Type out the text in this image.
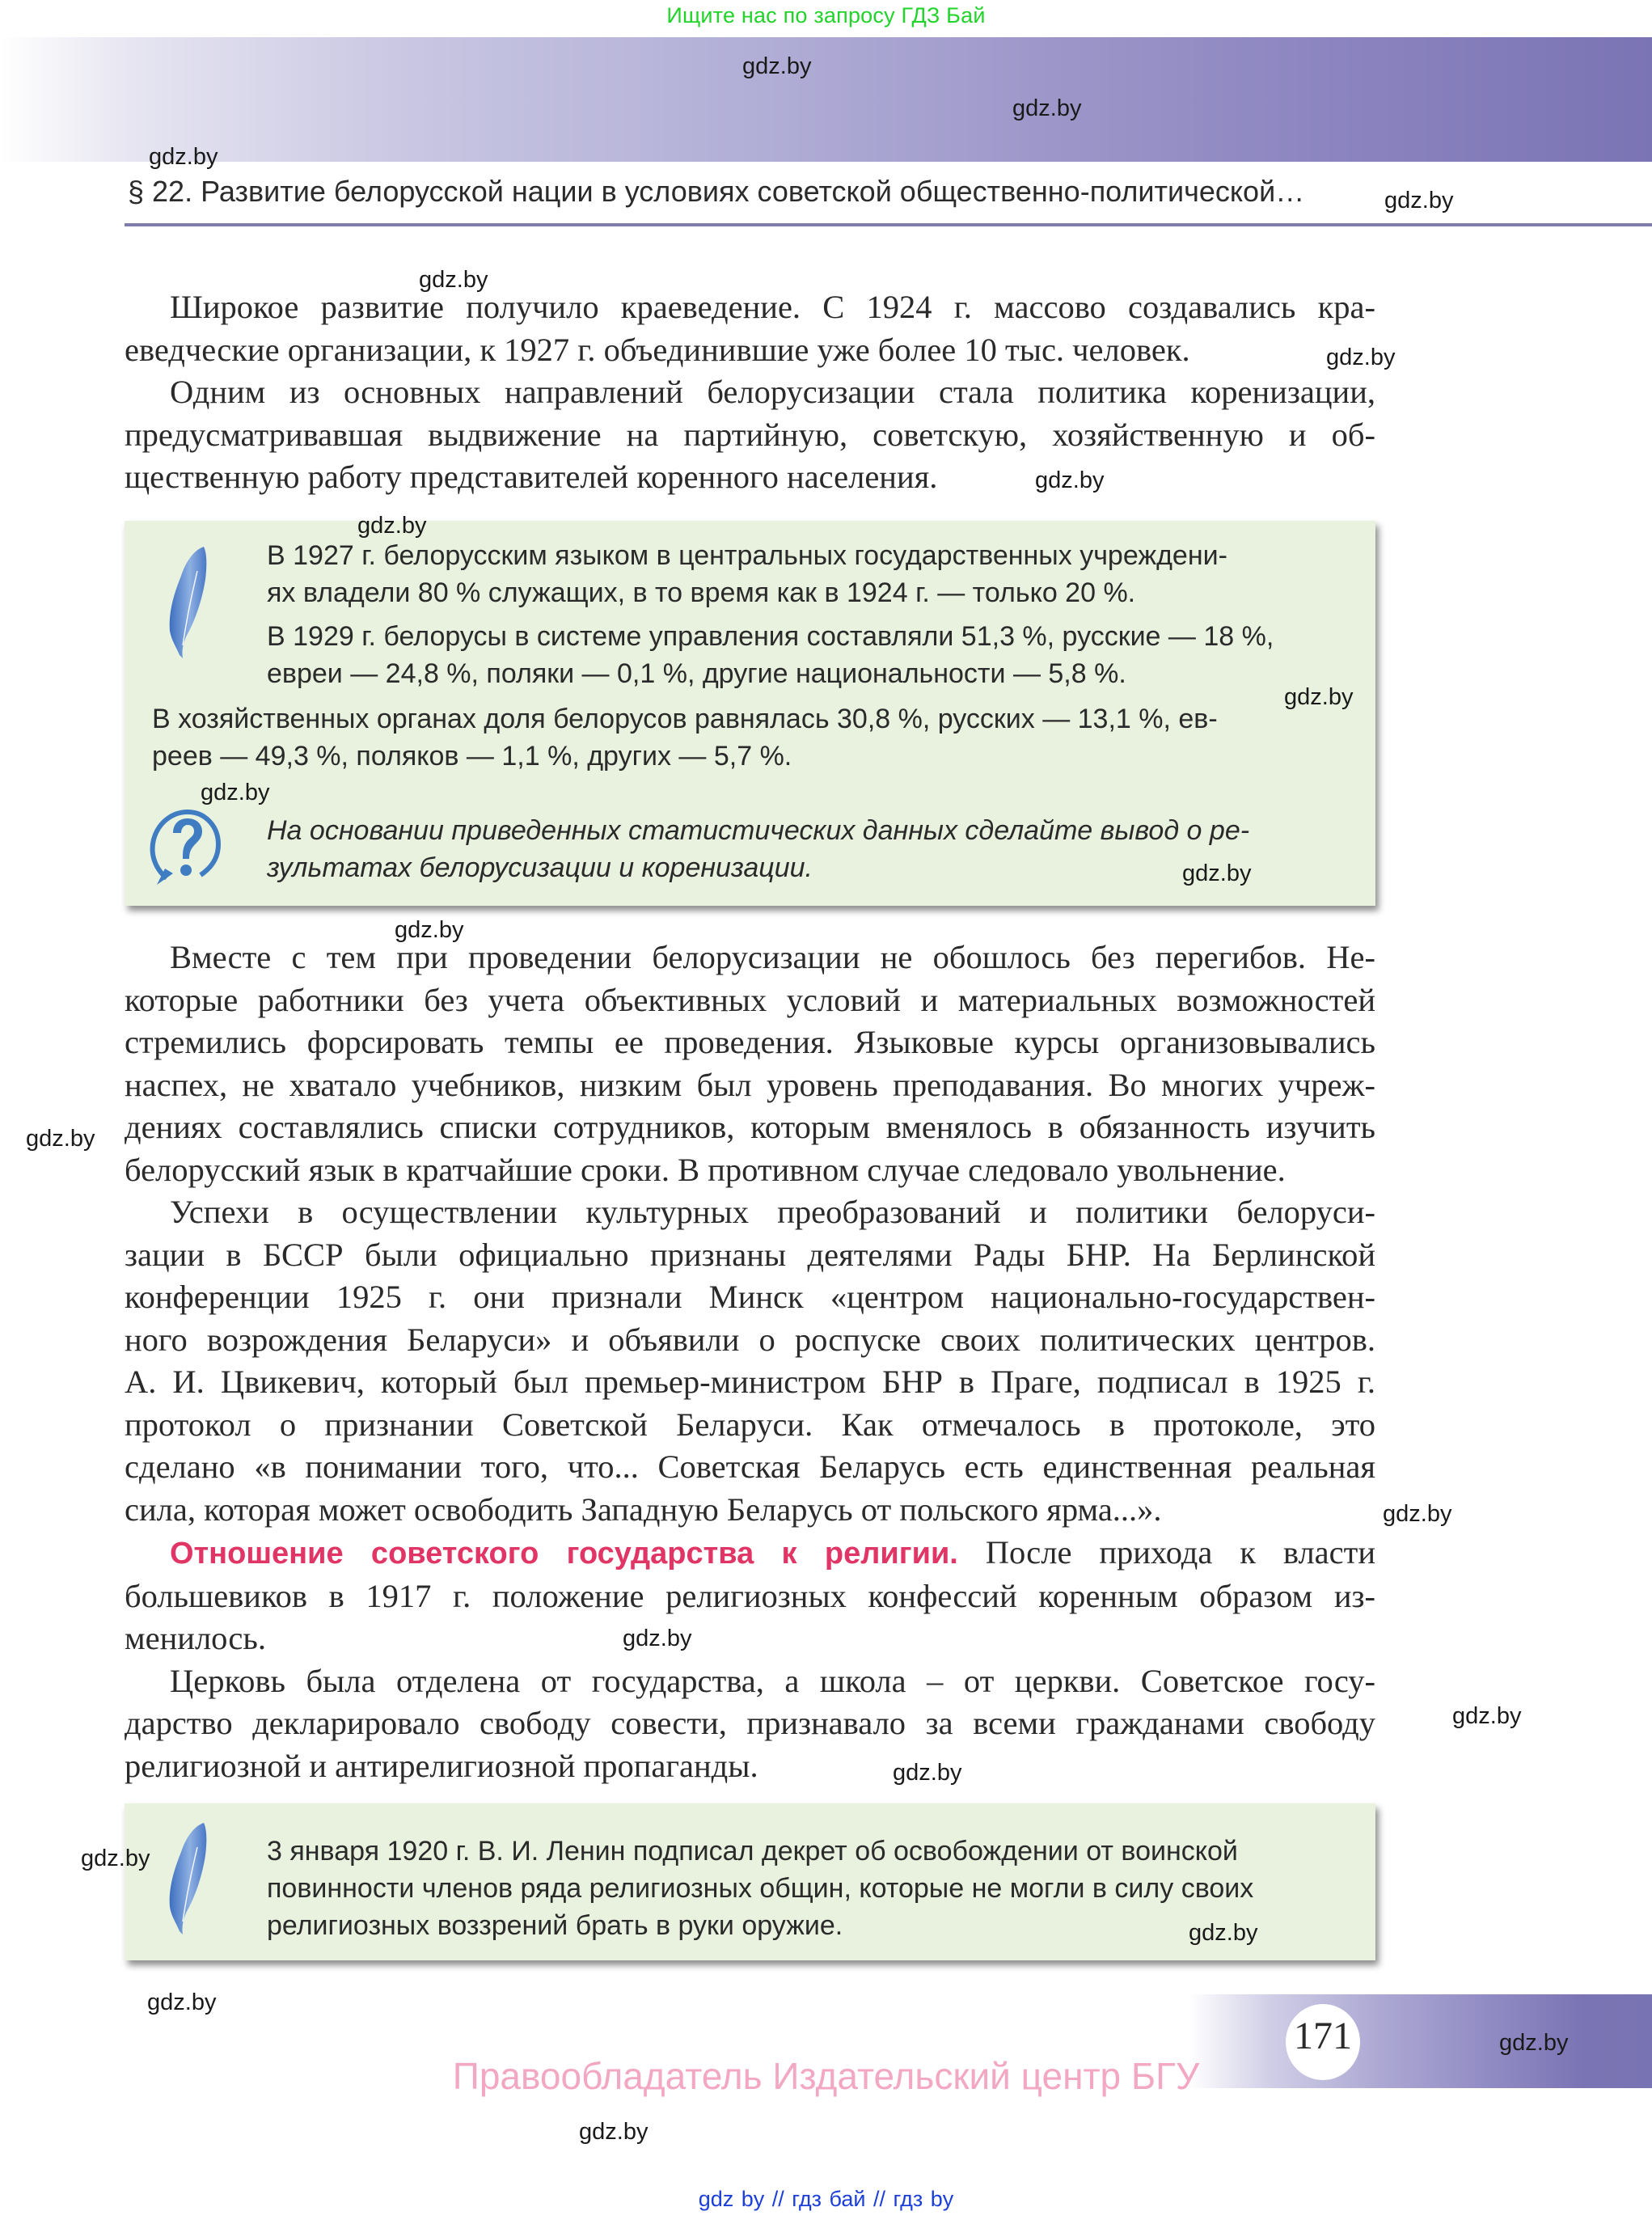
Ищите нас по запросу ГДЗ Бай
gdz.by
gdz.by
gdz.by
§ 22. Развитие белорусской нации в условиях советской общественно-политической…	gdz.by
gdz.by
Широкое развитие получило краеведение. С 1924 г. массово создавались кра-
еведческие организации, к 1927 г. объединившие уже более 10 тыс. человек.
Одним из основных направлений белорусизации стала политика коренизации,
предусматривавшая выдвижение на партийную, советскую, хозяйственную и об-
щественную работу представителей коренного населения.
gdz.by
gdz.by
gdz.by
В 1927 г. белорусским языком в центральных государственных учреждени-
ях владели 80 % служащих, в то время как в 1924 г. — только 20 %.
В 1929 г. белорусы в системе управления составляли 51,3 %, русские — 18 %,
евреи — 24,8 %, поляки — 0,1 %, другие национальности — 5,8 %.
В хозяйственных органах доля белорусов равнялась 30,8 %, русских — 13,1 %, ев-
реев — 49,3 %, поляков — 1,1 %, других — 5,7 %.
На основании приведенных статистических данных сделайте вывод о ре-
зультатах белорусизации и коренизации.
gdz.by
gdz.by
gdz.by
gdz.by
Вместе с тем при проведении белорусизации не обошлось без перегибов. Не-
которые работники без учета объективных условий и материальных возможностей
стремились форсировать темпы ее проведения. Языковые курсы организовывались
наспех, не хватало учебников, низким был уровень преподавания. Во многих учреж-
дениях составлялись списки сотрудников, которым вменялось в обязанность изучить
белорусский язык в кратчайшие сроки. В противном случае следовало увольнение.
Успехи в осуществлении культурных преобразований и политики белоруси-
зации в БССР были официально признаны деятелями Рады БНР. На Берлинской
конференции 1925 г. они признали Минск «центром национально-государствен-
ного возрождения Беларуси» и объявили о роспуске своих политических центров.
А. И. Цвикевич, который был премьер-министром БНР в Праге, подписал в 1925 г.
протокол о признании Советской Беларуси. Как отмечалось в протоколе, это
сделано «в понимании того, что... Советская Беларусь есть единственная реальная
сила, которая может освободить Западную Беларусь от польского ярма...».
gdz.by
gdz.by
Отношение советского государства к религии. После прихода к власти
большевиков в 1917 г. положение религиозных конфессий коренным образом из-
менилось.
Церковь была отделена от государства, а школа – от церкви. Советское госу-
дарство декларировало свободу совести, признавало за всеми гражданами свободу
религиозной и антирелигиозной пропаганды.
gdz.by
gdz.by
gdz.by
3 января 1920 г. В. И. Ленин подписал декрет об освобождении от воинской
повинности членов ряда религиозных общин, которые не могли в силу своих
религиозных воззрений брать в руки оружие.
gdz.by
gdz.by
gdz.by
171	gdz.by
Правообладатель Издательский центр БГУ
gdz.by
gdz by // гдз бай // гдз by
